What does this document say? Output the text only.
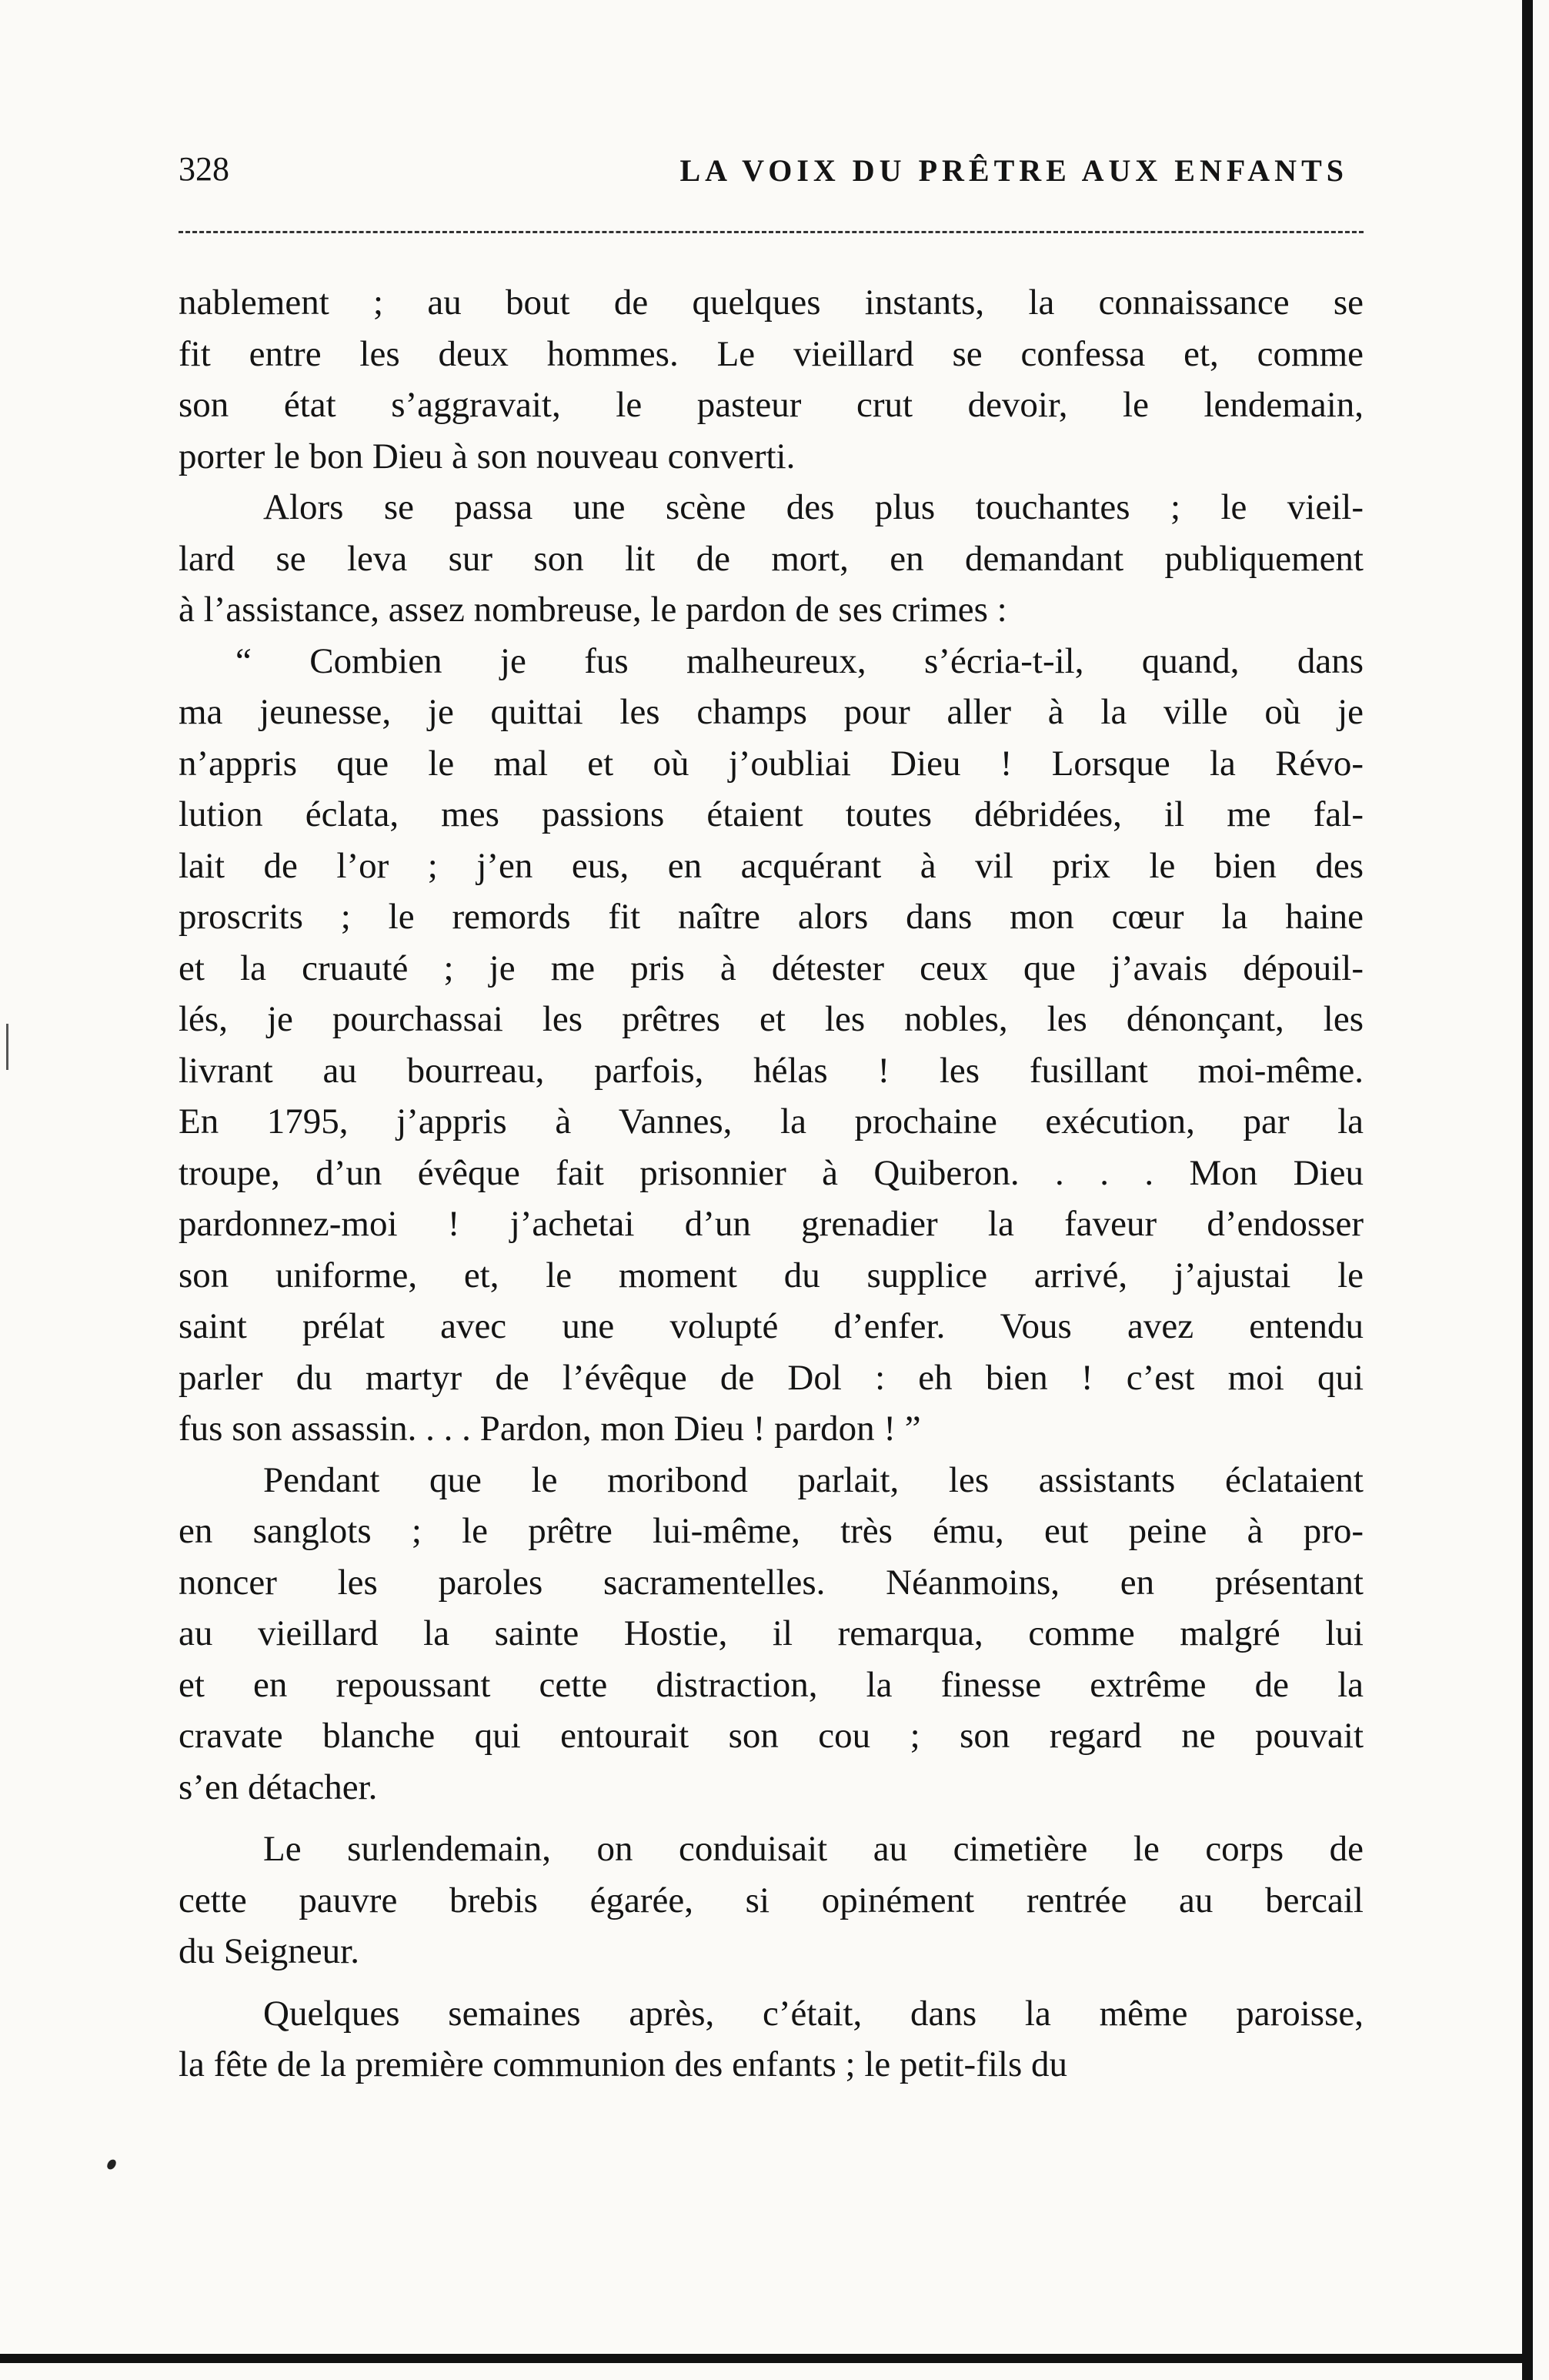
328	LA VOIX DU PRÊTRE AUX ENFANTS
nablement ; au bout de quelques instants, la connaissance se
fit entre les deux hommes. Le vieillard se confessa et, comme
son état s’aggravait, le pasteur crut devoir, le lendemain,
porter le bon Dieu à son nouveau converti.
Alors se passa une scène des plus touchantes ; le vieil-
lard se leva sur son lit de mort, en demandant publiquement
à l’assistance, assez nombreuse, le pardon de ses crimes :
“ Combien je fus malheureux, s’écria-t-il, quand, dans
ma jeunesse, je quittai les champs pour aller à la ville où je
n’appris que le mal et où j’oubliai Dieu ! Lorsque la Révo-
lution éclata, mes passions étaient toutes débridées, il me fal-
lait de l’or ; j’en eus, en acquérant à vil prix le bien des
proscrits ; le remords fit naître alors dans mon cœur la haine
et la cruauté ; je me pris à détester ceux que j’avais dépouil-
lés, je pourchassai les prêtres et les nobles, les dénonçant, les
livrant au bourreau, parfois, hélas ! les fusillant moi-même.
En 1795, j’appris à Vannes, la prochaine exécution, par la
troupe, d’un évêque fait prisonnier à Quiberon. . . . Mon Dieu
pardonnez-moi ! j’achetai d’un grenadier la faveur d’endosser
son uniforme, et, le moment du supplice arrivé, j’ajustai le
saint prélat avec une volupté d’enfer. Vous avez entendu
parler du martyr de l’évêque de Dol : eh bien ! c’est moi qui
fus son assassin. . . . Pardon, mon Dieu ! pardon ! ”
Pendant que le moribond parlait, les assistants éclataient
en sanglots ; le prêtre lui-même, très ému, eut peine à pro-
noncer les paroles sacramentelles. Néanmoins, en présentant
au vieillard la sainte Hostie, il remarqua, comme malgré lui
et en repoussant cette distraction, la finesse extrême de la
cravate blanche qui entourait son cou ; son regard ne pouvait
s’en détacher.
Le surlendemain, on conduisait au cimetière le corps de
cette pauvre brebis égarée, si opinément rentrée au bercail
du Seigneur.
Quelques semaines après, c’était, dans la même paroisse,
la fête de la première communion des enfants ; le petit-fils du
